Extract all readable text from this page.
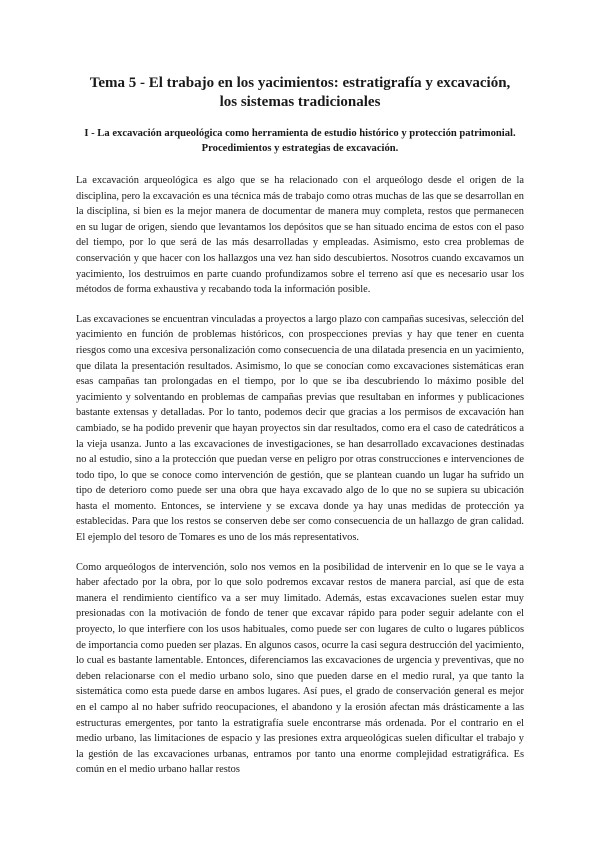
Tema 5 - El trabajo en los yacimientos: estratigrafía y excavación, los sistemas tradicionales
I - La excavación arqueológica como herramienta de estudio histórico y protección patrimonial. Procedimientos y estrategias de excavación.

La excavación arqueológica es algo que se ha relacionado con el arqueólogo desde el origen de la disciplina, pero la excavación es una técnica más de trabajo como otras muchas de las que se desarrollan en la disciplina, si bien es la mejor manera de documentar de manera muy completa, restos que permanecen en su lugar de origen, siendo que levantamos los depósitos que se han situado encima de estos con el paso del tiempo, por lo que será de las más desarrolladas y empleadas. Asimismo, esto crea problemas de conservación y que hacer con los hallazgos una vez han sido descubiertos. Nosotros cuando excavamos un yacimiento, los destruimos en parte cuando profundizamos sobre el terreno así que es necesario usar los métodos de forma exhaustiva y recabando toda la información posible.

Las excavaciones se encuentran vinculadas a proyectos a largo plazo con campañas sucesivas, selección del yacimiento en función de problemas históricos, con prospecciones previas y hay que tener en cuenta riesgos como una excesiva personalización como consecuencia de una dilatada presencia en un yacimiento, que dilata la presentación resultados. Asimismo, lo que se conocían como excavaciones sistemáticas eran esas campañas tan prolongadas en el tiempo, por lo que se iba descubriendo lo máximo posible del yacimiento y solventando en problemas de campañas previas que resultaban en informes y publicaciones bastante extensas y detalladas. Por lo tanto, podemos decir que gracias a los permisos de excavación han cambiado, se ha podido prevenir que hayan proyectos sin dar resultados, como era el caso de catedráticos a la vieja usanza. Junto a las excavaciones de investigaciones, se han desarrollado excavaciones destinadas no al estudio, sino a la protección que puedan verse en peligro por otras construcciones e intervenciones de todo tipo, lo que se conoce como intervención de gestión, que se plantean cuando un lugar ha sufrido un tipo de deterioro como puede ser una obra que haya excavado algo de lo que no se supiera su ubicación hasta el momento. Entonces, se interviene y se excava donde ya hay unas medidas de protección ya establecidas. Para que los restos se conserven debe ser como consecuencia de un hallazgo de gran calidad. El ejemplo del tesoro de Tomares es uno de los más representativos.

Como arqueólogos de intervención, solo nos vemos en la posibilidad de intervenir en lo que se le vaya a haber afectado por la obra, por lo que solo podremos excavar restos de manera parcial, así que de esta manera el rendimiento científico va a ser muy limitado. Además, estas excavaciones suelen estar muy presionadas con la motivación de fondo de tener que excavar rápido para poder seguir adelante con el proyecto, lo que interfiere con los usos habituales, como puede ser con lugares de culto o lugares públicos de importancia como pueden ser plazas. En algunos casos, ocurre la casi segura destrucción del yacimiento, lo cual es bastante lamentable. Entonces, diferenciamos las excavaciones de urgencia y preventivas, que no deben relacionarse con el medio urbano solo, sino que pueden darse en el medio rural, ya que tanto la sistemática como esta puede darse en ambos lugares. Así pues, el grado de conservación general es mejor en el campo al no haber sufrido reocupaciones, el abandono y la erosión afectan más drásticamente a las estructuras emergentes, por tanto la estratigrafía suele encontrarse más ordenada. Por el contrario en el medio urbano, las limitaciones de espacio y las presiones extra arqueológicas suelen dificultar el trabajo y la gestión de las excavaciones urbanas, entramos por tanto una enorme complejidad estratigráfica. Es común en el medio urbano hallar restos
